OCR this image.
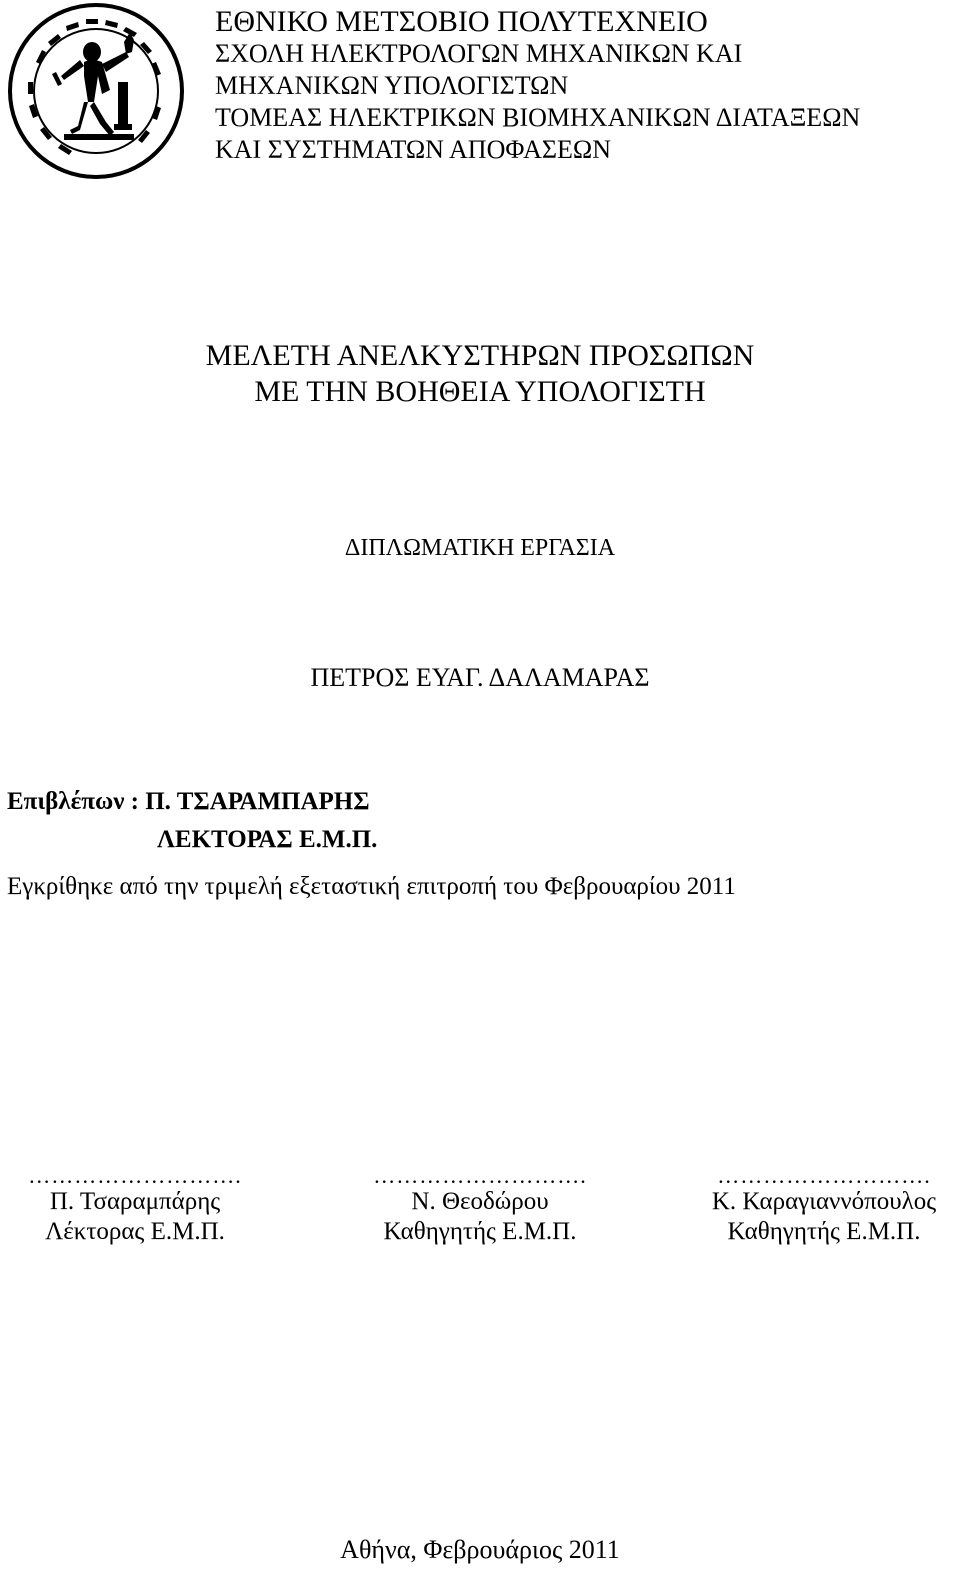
ΕΘΝΙΚΟ ΜΕΤΣΟΒΙΟ ΠΟΛΥΤΕΧΝΕΙΟ
ΣΧΟΛΗ ΗΛΕΚΤΡΟΛΟΓΩΝ ΜΗΧΑΝΙΚΩΝ ΚΑΙ
ΜΗΧΑΝΙΚΩΝ ΥΠΟΛΟΓΙΣΤΩΝ
ΤΟΜΕΑΣ ΗΛΕΚΤΡΙΚΩΝ ΒΙΟΜΗΧΑΝΙΚΩΝ ΔΙΑΤΑΞΕΩΝ
ΚΑΙ ΣΥΣΤΗΜΑΤΩΝ ΑΠΟΦΑΣΕΩΝ
ΜΕΛΕΤΗ ΑΝΕΛΚΥΣΤΗΡΩΝ ΠΡΟΣΩΠΩΝ
ΜΕ ΤΗΝ ΒΟΗΘΕΙΑ ΥΠΟΛΟΓΙΣΤΗ
ΔΙΠΛΩΜΑΤΙΚΗ ΕΡΓΑΣΙΑ
ΠΕΤΡΟΣ ΕΥΑΓ. ΔΑΛΑΜΑΡΑΣ
Επιβλέπων : Π. ΤΣΑΡΑΜΠΑΡΗΣ
ΛΕΚΤΟΡΑΣ Ε.Μ.Π.
Εγκρίθηκε από την τριμελή εξεταστική επιτροπή του Φεβρουαρίου 2011
……………………….
Π. Τσαραμπάρης
Λέκτορας Ε.Μ.Π.
……………………….
Ν. Θεοδώρου
Καθηγητής Ε.Μ.Π.
……………………….
Κ. Καραγιαννόπουλος
Καθηγητής Ε.Μ.Π.
Αθήνα, Φεβρουάριος 2011
